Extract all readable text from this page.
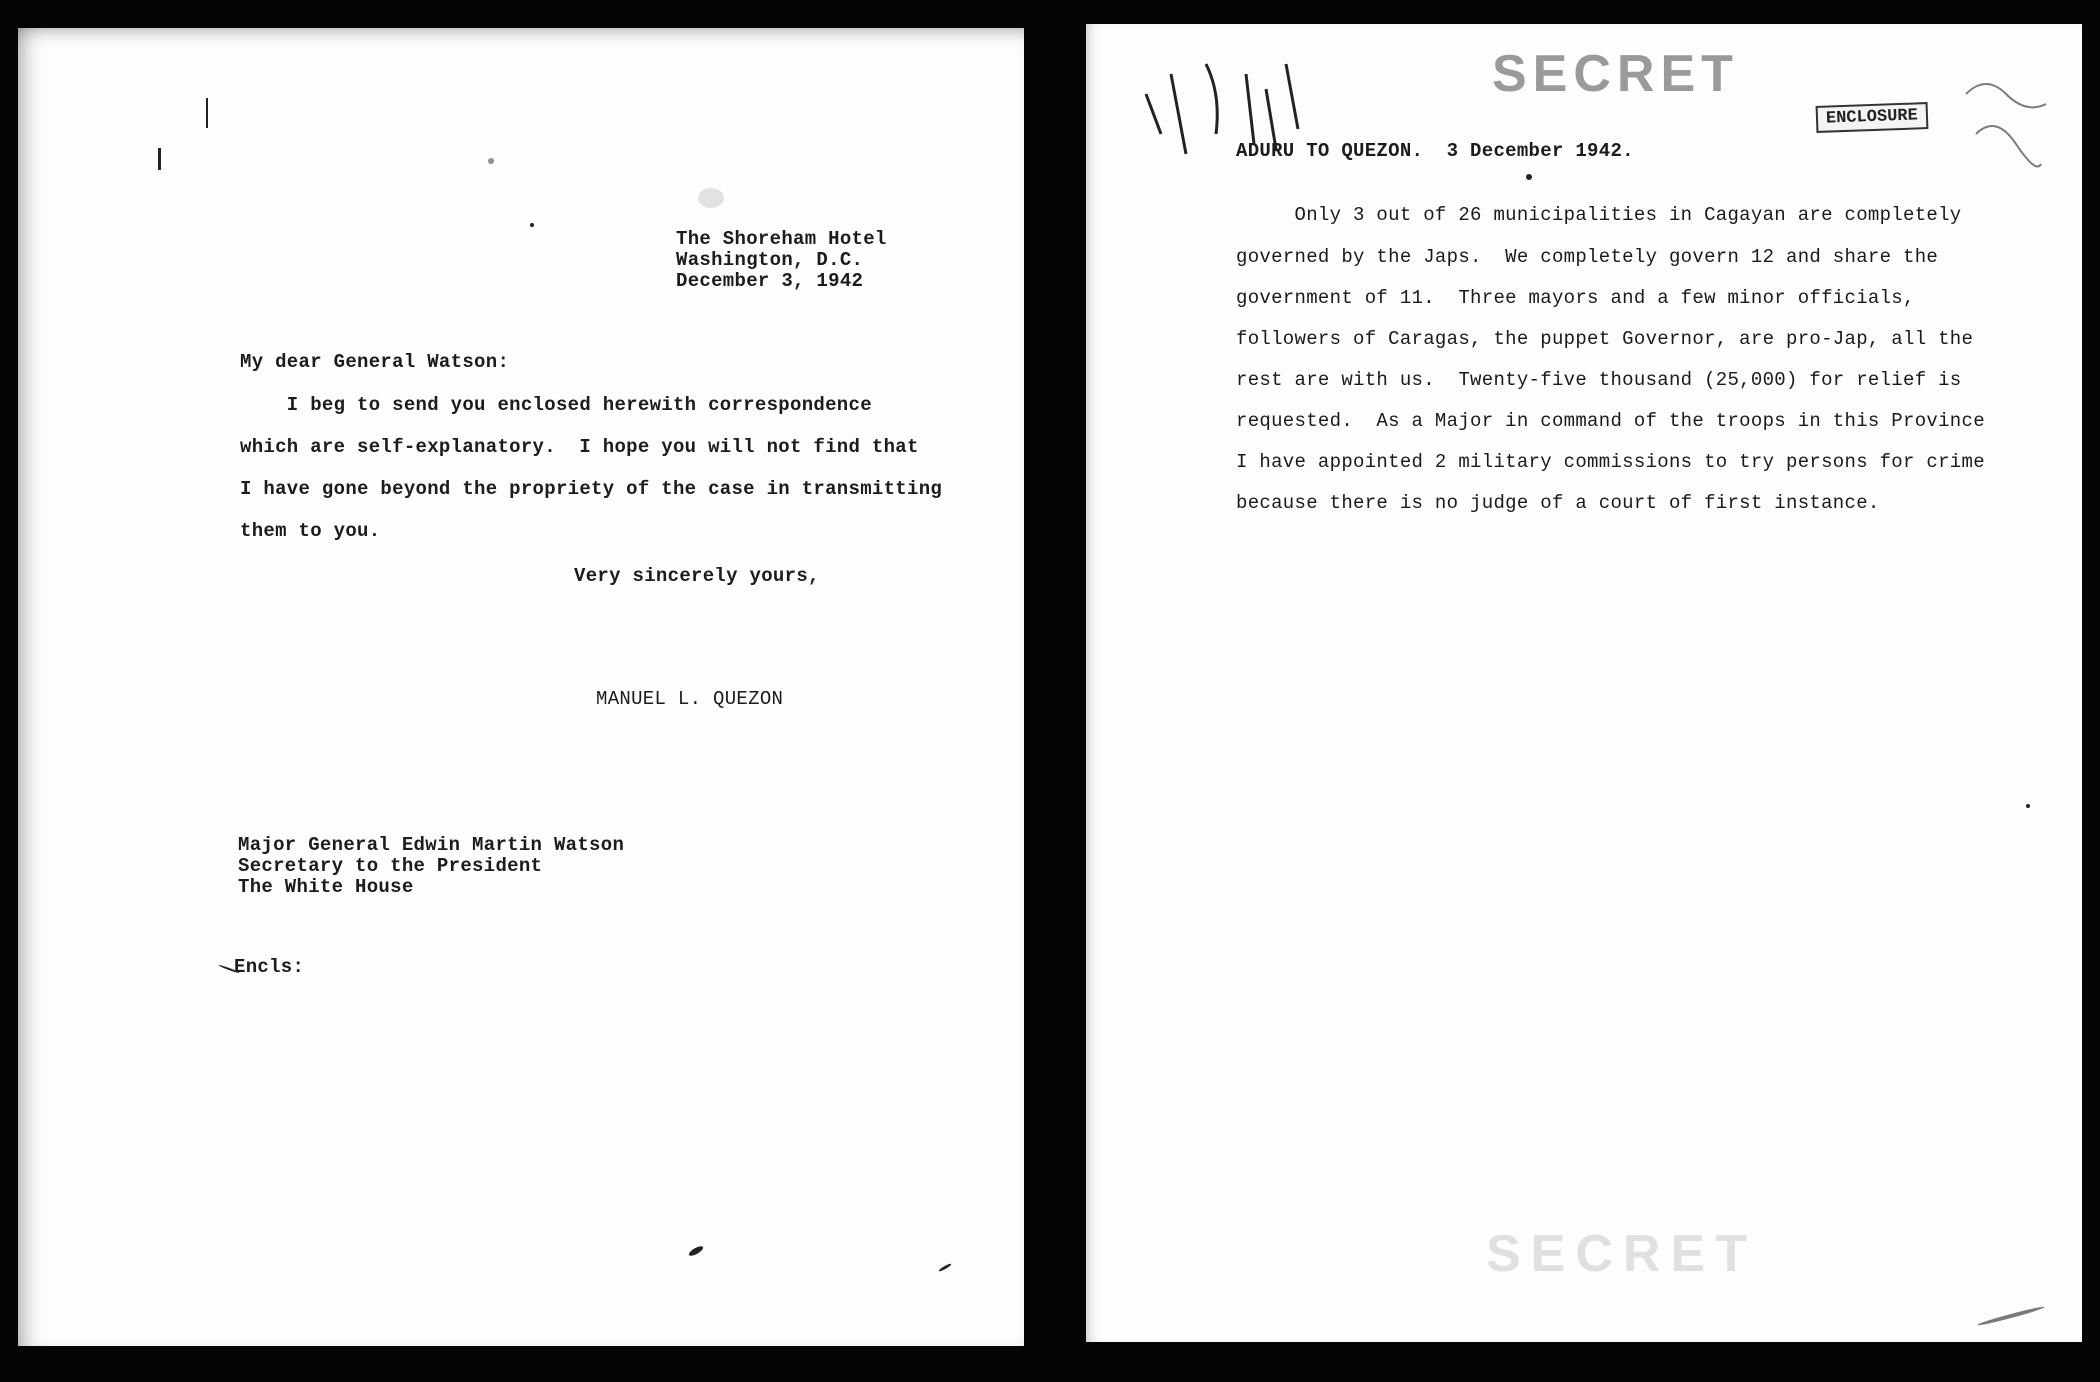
The Shoreham Hotel
Washington, D.C.
December 3, 1942
My dear General Watson:
I beg to send you enclosed herewith correspondence
which are self-explanatory.  I hope you will not find that
I have gone beyond the propriety of the case in transmitting
them to you.
Very sincerely yours,
MANUEL L. QUEZON
Major General Edwin Martin Watson
Secretary to the President
The White House
Encls:
SECRET
ENCLOSURE
ADURU TO QUEZON.  3 December 1942.
Only 3 out of 26 municipalities in Cagayan are completely
governed by the Japs.  We completely govern 12 and share the
government of 11.  Three mayors and a few minor officials,
followers of Caragas, the puppet Governor, are pro-Jap, all the
rest are with us.  Twenty-five thousand (25,000) for relief is
requested.  As a Major in command of the troops in this Province
I have appointed 2 military commissions to try persons for crime
because there is no judge of a court of first instance.
SECRET
